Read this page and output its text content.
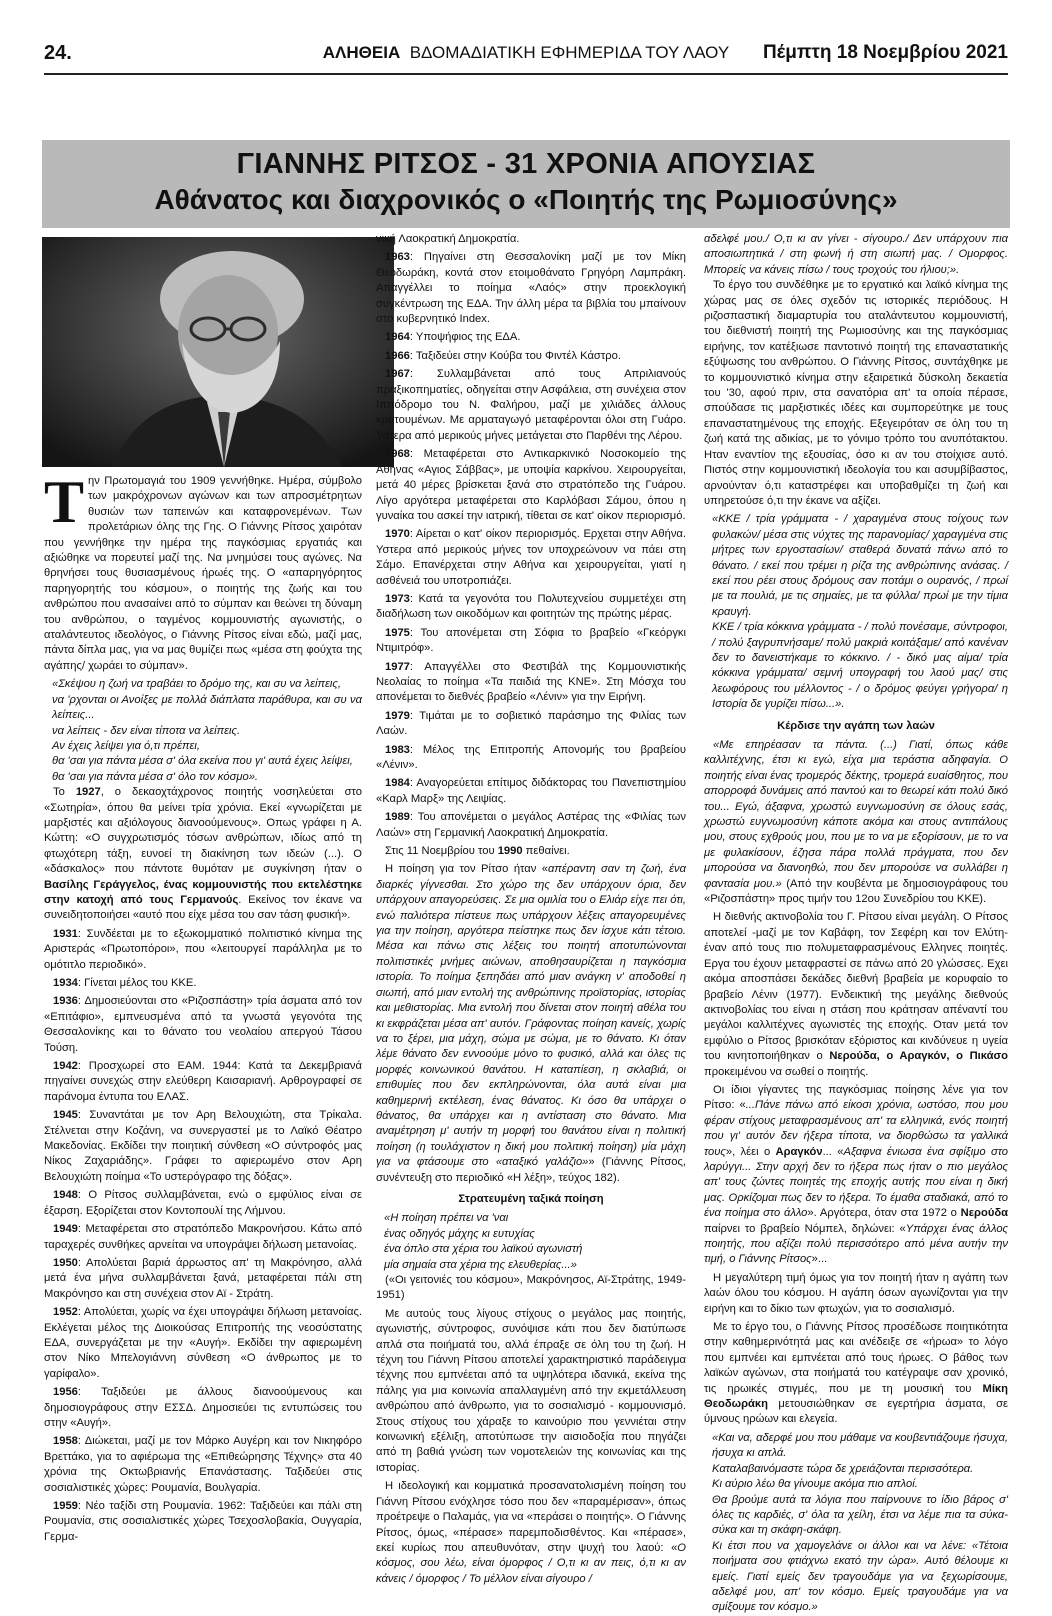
24.	ΑΛΗΘΕΙΑ ΒΔΟΜΑΔΙΑΤΙΚΗ ΕΦΗΜΕΡΙΔΑ ΤΟΥ ΛΑΟΥ	Πέμπτη 18 Νοεμβρίου 2021
ΓΙΑΝΝΗΣ ΡΙΤΣΟΣ - 31 ΧΡΟΝΙΑ ΑΠΟΥΣΙΑΣ
Αθάνατος και διαχρονικός ο «Ποιητής της Ρωμιοσύνης»

Την Πρωτομαγιά του 1909 γεννήθηκε. Ημέρα, σύμβολο των μακρόχρονων αγώνων και των απροσμέτρητων θυσιών των ταπεινών και καταφρονεμένων. Των προλετάριων όλης της Γης. Ο Γιάννης Ρίτσος χαιρόταν που γεννήθηκε την ημέρα της παγκόσμιας εργατιάς και αξιώθηκε να πορευτεί μαζί της. Να μνημύσει τους αγώνες. Να θρηνήσει τους θυσιασμένους ήρωές της. Ο «απαρηγόρητος παρηγορητής του κόσμου», ο ποιητής της ζωής και του ανθρώπου που ανασαίνει από το σύμπαν και θεώνει τη δύναμη του ανθρώπου, ο ταγμένος κομμουνιστής αγωνιστής, ο αταλάντευτος ιδεολόγος, ο Γιάννης Ρίτσος είναι εδώ, μαζί μας, πάντα δίπλα μας, για να μας θυμίζει πως «μέσα στη φούχτα της αγάπης/ χωράει το σύμπαν».

«Σκέψου η ζωή να τραβάει το δρόμο της, και συ να λείπεις,

να 'ρχονται οι Ανοίξες με πολλά διάπλατα παράθυρα, και συ να λείπεις...

να λείπεις - δεν είναι τίποτα να λείπεις.

Αν έχεις λείψει για ό,τι πρέπει,

θα 'σαι για πάντα μέσα σ' όλα εκείνα που γι' αυτά έχεις λείψει,

θα 'σαι για πάντα μέσα σ' όλο τον κόσμο».

Το 1927, ο δεκαοχτάχρονος ποιητής νοσηλεύεται στο «Σωτηρία», όπου θα μείνει τρία χρόνια. Εκεί «γνωρίζεται με μαρξιστές και αξιόλογους διανοούμενους». Οπως γράφει η Α. Κώττη: «Ο συγχρωτισμός τόσων ανθρώπων, ιδίως από τη φτωχότερη τάξη, ευνοεί τη διακίνηση των ιδεών (...). Ο «δάσκαλος» που πάντοτε θυμόταν με συγκίνηση ήταν ο Βασίλης Γεράγγελος, ένας κομμουνιστής που εκτελέστηκε στην κατοχή από τους Γερμανούς. Εκείνος τον έκανε να συνειδητοποιήσει «αυτό που είχε μέσα του σαν τάση φυσική».

1931: Συνδέεται με το εξωκομματικό πολιτιστικό κίνημα της Αριστεράς «Πρωτοπόροι», που «λειτουργεί παράλληλα με το ομότιτλο περιοδικό».

1934: Γίνεται μέλος του ΚΚΕ.

1936: Δημοσιεύονται στο «Ριζοσπάστη» τρία άσματα από τον «Επιτάφιο», εμπνευσμένα από τα γνωστά γεγονότα της Θεσσαλονίκης και το θάνατο του νεολαίου απεργού Τάσου Τούση.

1942: Προσχωρεί στο ΕΑΜ. 1944: Κατά τα Δεκεμβριανά πηγαίνει συνεχώς στην ελεύθερη Καισαριανή. Αρθρογραφεί σε παράνομα έντυπα του ΕΛΑΣ.

1945: Συναντάται με τον Αρη Βελουχιώτη, στα Τρίκαλα. Στέλνεται στην Κοζάνη, να συνεργαστεί με το Λαϊκό Θέατρο Μακεδονίας. Εκδίδει την ποιητική σύνθεση «Ο σύντροφός μας Νίκος Ζαχαριάδης». Γράφει το αφιερωμένο στον Αρη Βελουχιώτη ποίημα «Το υστερόγραφο της δόξας».

1948: Ο Ρίτσος συλλαμβάνεται, ενώ ο εμφύλιος είναι σε έξαρση. Εξορίζεται στον Κοντοπουλί της Λήμνου.

1949: Μεταφέρεται στο στρατόπεδο Μακρονήσου. Κάτω από ταραχερές συνθήκες αρνείται να υπογράψει δήλωση μετανοίας.

1950: Απολύεται βαριά άρρωστος απ' τη Μακρόνησο, αλλά μετά ένα μήνα συλλαμβάνεται ξανά, μεταφέρεται πάλι στη Μακρόνησο και στη συνέχεια στον Αϊ - Στράτη.

1952: Απολύεται, χωρίς να έχει υπογράψει δήλωση μετανοίας. Εκλέγεται μέλος της Διοικούσας Επιτροπής της νεοσύστατης ΕΔΑ, συνεργάζεται με την «Αυγή». Εκδίδει την αφιερωμένη στον Νίκο Μπελογιάννη σύνθεση «Ο άνθρωπος με το γαρίφαλο».

1956: Ταξιδεύει με άλλους διανοούμενους και δημοσιογράφους στην ΕΣΣΔ. Δημοσιεύει τις εντυπώσεις του στην «Αυγή».

1958: Διώκεται, μαζί με τον Μάρκο Αυγέρη και τον Νικηφόρο Βρεττάκο, για το αφιέρωμα της «Επιθεώρησης Τέχνης» στα 40 χρόνια της Οκτωβριανής Επανάστασης. Ταξιδεύει στις σοσιαλιστικές χώρες: Ρουμανία, Βουλγαρία.

1959: Νέο ταξίδι στη Ρουμανία. 1962: Ταξιδεύει και πάλι στη Ρουμανία, στις σοσιαλιστικές χώρες Τσεχοσλοβακία, Ουγγαρία, Γερμα-

νική Λαοκρατική Δημοκρατία.

1963: Πηγαίνει στη Θεσσαλονίκη μαζί με τον Μίκη Θεοδωράκη, κοντά στον ετοιμοθάνατο Γρηγόρη Λαμπράκη. Απαγγέλλει το ποίημα «Λαός» στην προεκλογική συγκέντρωση της ΕΔΑ. Την άλλη μέρα τα βιβλία του μπαίνουν στο κυβερνητικό Index.

1964: Υποψήφιος της ΕΔΑ.

1966: Ταξιδεύει στην Κούβα του Φιντέλ Κάστρο.

1967: Συλλαμβάνεται από τους Απριλιανούς πραξικοπηματίες, οδηγείται στην Ασφάλεια, στη συνέχεια στον Ιππόδρομο του Ν. Φαλήρου, μαζί με χιλιάδες άλλους κρατουμένων. Με αρματαγωγό μεταφέρονται όλοι στη Γυάρο. Υστερα από μερικούς μήνες μετάγεται στο Παρθένι της Λέρου.

1968: Μεταφέρεται στο Αντικαρκινικό Νοσοκομείο της Αθήνας «Αγιος Σάββας», με υποψία καρκίνου. Χειρουργείται, μετά 40 μέρες βρίσκεται ξανά στο στρατόπεδο της Γυάρου. Λίγο αργότερα μεταφέρεται στο Καρλόβασι Σάμου, όπου η γυναίκα του ασκεί την ιατρική, τίθεται σε κατ' οίκον περιορισμό.

1970: Αίρεται ο κατ' οίκον περιορισμός. Ερχεται στην Αθήνα. Υστερα από μερικούς μήνες τον υποχρεώνουν να πάει στη Σάμο. Επανέρχεται στην Αθήνα και χειρουργείται, γιατί η ασθένειά του υποτροπιάζει.

1973: Κατά τα γεγονότα του Πολυτεχνείου συμμετέχει στη διαδήλωση των οικοδόμων και φοιτητών της πρώτης μέρας.

1975: Του απονέμεται στη Σόφια το βραβείο «Γκεόργκι Ντιμιτρόφ».

1977: Απαγγέλλει στο Φεστιβάλ της Κομμουνιστικής Νεολαίας το ποίημα «Τα παιδιά της ΚΝΕ». Στη Μόσχα του απονέμεται το διεθνές βραβείο «Λένιν» για την Ειρήνη.

1979: Τιμάται με το σοβιετικό παράσημο της Φιλίας των Λαών.

1983: Μέλος της Επιτροπής Απονομής του βραβείου «Λένιν».

1984: Αναγορεύεται επίτιμος διδάκτορας του Πανεπιστημίου «Καρλ Μαρξ» της Λειψίας.

1989: Του απονέμεται ο μεγάλος Αστέρας της «Φιλίας των Λαών» στη Γερμανική Λαοκρατική Δημοκρατία.

Στις 11 Νοεμβρίου του 1990 πεθαίνει.

Η ποίηση για τον Ρίτσο ήταν «απέραντη σαν τη ζωή, ένα διαρκές γίγνεσθαι. Στο χώρο της δεν υπάρχουν όρια, δεν υπάρχουν απαγορεύσεις. Σε μια ομιλία του ο Ελιάρ είχε πει ότι, ενώ παλιότερα πίστευε πως υπάρχουν λέξεις απαγορευμένες για την ποίηση, αργότερα πείστηκε πως δεν ίσχυε κάτι τέτοιο. Μέσα και πάνω στις λέξεις του ποιητή αποτυπώνονται πολιτιστικές μνήμες αιώνων, αποθησαυρίζεται η παγκόσμια ιστορία. Το ποίημα ξεπηδάει από μιαν ανάγκη ν' αποδοθεί η σιωπή, από μιαν εντολή της ανθρώπινης προϊστορίας, ιστορίας και μεθιστορίας. Μια εντολή που δίνεται στον ποιητή αθέλα του κι εκφράζεται μέσα απ' αυτόν. Γράφοντας ποίηση κανείς, χωρίς να το ξέρει, μια μάχη, σώμα με σώμα, με το θάνατο. Κι όταν λέμε θάνατο δεν εννοούμε μόνο το φυσικό, αλλά και όλες τις μορφές κοινωνικού θανάτου. Η καταπίεση, η σκλαβιά, οι επιθυμίες που δεν εκπληρώνονται, όλα αυτά είναι μια καθημερινή εκτέλεση, ένας θάνατος. Κι όσο θα υπάρχει ο θάνατος, θα υπάρχει και η αντίσταση στο θάνατο. Μια αναμέτρηση μ' αυτήν τη μορφή του θανάτου είναι η πολιτική ποίηση (η τουλάχιστον η δική μου πολιτική ποίηση) μία μάχη για να φτάσουμε στο «αταξικό γαλάζιο»» (Γιάννης Ρίτσος, συνέντευξη στο περιοδικό «Η λέξη», τεύχος 182).

Στρατευμένη ταξικά ποίηση

«Η ποίηση πρέπει να 'ναι

ένας οδηγός μάχης κι ευτυχίας

ένα όπλο στα χέρια του λαϊκού αγωνιστή

μία σημαία στα χέρια της ελευθερίας...»

(«Οι γειτονιές του κόσμου», Μακρόνησος, Αϊ-Στράτης, 1949-1951)

Με αυτούς τους λίγους στίχους ο μεγάλος μας ποιητής, αγωνιστής, σύντροφος, συνόψισε κάτι που δεν διατύπωσε απλά στα ποιήματά του, αλλά έπραξε σε όλη του τη ζωή. Η τέχνη του Γιάννη Ρίτσου αποτελεί χαρακτηριστικό παράδειγμα τέχνης που εμπνέεται από τα υψηλότερα ιδανικά, εκείνα της πάλης για μια κοινωνία απαλλαγμένη από την εκμετάλλευση ανθρώπου από άνθρωπο, για το σοσιαλισμό - κομμουνισμό. Στους στίχους του χάραξε το καινούριο που γεννιέται στην κοινωνική εξέλιξη, αποτύπωσε την αισιοδοξία που πηγάζει από τη βαθιά γνώση των νομοτελειών της κοινωνίας και της ιστορίας.

Η ιδεολογική και κομματικά προσανατολισμένη ποίηση του Γιάννη Ρίτσου ενόχλησε τόσο που δεν «παραμέρισαν», όπως προέτρεψε ο Παλαμάς, για να «περάσει ο ποιητής». Ο Γιάννης Ρίτσος, όμως, «πέρασε» παρεμποδισθέντος. Και «πέρασε», εκεί κυρίως που απευθυνόταν, στην ψυχή του λαού: «Ο κόσμος, σου λέω, είναι όμορφος / Ο,τι κι αν πεις, ό,τι κι αν κάνεις / όμορφος / Το μέλλον είναι σίγουρο /

αδελφέ μου./ Ο,τι κι αν γίνει - σίγουρο./ Δεν υπάρχουν πια αποσιωπητικά / στη φωνή ή στη σιωπή μας. / Ομορφος. Μπορείς να κάνεις πίσω / τους τροχούς του ήλιου;».

Το έργο του συνδέθηκε με το εργατικό και λαϊκό κίνημα της χώρας μας σε όλες σχεδόν τις ιστορικές περιόδους. Η ριζοσπαστική διαμαρτυρία του αταλάντευτου κομμουνιστή, του διεθνιστή ποιητή της Ρωμιοσύνης και της παγκόσμιας ειρήνης, τον κατέξιωσε παντοτινό ποιητή της επαναστατικής εξύψωσης του ανθρώπου. Ο Γιάννης Ρίτσος, συντάχθηκε με το κομμουνιστικό κίνημα στην εξαιρετικά δύσκολη δεκαετία του '30, αφού πριν, στα σανατόρια απ' τα οποία πέρασε, σπούδασε τις μαρξιστικές ιδέες και συμπορεύτηκε με τους επαναστατημένους της εποχής. Εξεγειρόταν σε όλη του τη ζωή κατά της αδικίας, με το γόνιμο τρόπο του ανυπότακτου. Ηταν εναντίον της εξουσίας, όσο κι αν του στοίχισε αυτό. Πιστός στην κομμουνιστική ιδεολογία του και ασυμβίβαστος, αρνούνταν ό,τι καταστρέφει και υποβαθμίζει τη ζωή και υπηρετούσε ό,τι την έκανε να αξίζει.

«ΚΚΕ / τρία γράμματα - / χαραγμένα στους τοίχους των φυλακών/ μέσα στις νύχτες της παρανομίας/ χαραγμένα στις μήτρες των εργοστασίων/ σταθερά δυνατά πάνω από το θάνατο. / εκεί που τρέμει η ρίζα της ανθρώπινης ανάσας. / εκεί που ρέει στους δρόμους σαν ποτάμι ο ουρανός, / πρωί με τα πουλιά, με τις σημαίες, με τα φύλλα/ πρωί με την τίμια κραυγή.

ΚΚΕ / τρία κόκκινα γράμματα - / πολύ πονέσαμε, σύντροφοι, / πολύ ξαγρυπνήσαμε/ πολύ μακριά κοιτάξαμε/ από κανέναν δεν το δανειστήκαμε το κόκκινο. / - δικό μας αίμα/ τρία κόκκινα γράμματα/ σεμνή υπογραφή του λαού μας/ στις λεωφόρους του μέλλοντος - / ο δρόμος φεύγει γρήγορα/ η Ιστορία δε γυρίζει πίσω...».

Κέρδισε την αγάπη των λαών

«Με επηρέασαν τα πάντα. (...) Γιατί, όπως κάθε καλλιτέχνης, έτσι κι εγώ, είχα μια τεράστια αδηφαγία. Ο ποιητής είναι ένας τρομερός δέκτης, τρομερά ευαίσθητος, που απορροφά δυνάμεις από παντού και το θεωρεί κάτι πολύ δικό του... Εγώ, άξαφνα, χρωστώ ευγνωμοσύνη σε όλους εσάς, χρωστώ ευγνωμοσύνη κάποτε ακόμα και στους αντιπάλους μου, στους εχθρούς μου, που με το να με εξορίσουν, με το να με φυλακίσουν, έζησα πάρα πολλά πράγματα, που δεν μπορούσα να διανοηθώ, που δεν μπορούσε να συλλάβει η φαντασία μου.» (Από την κουβέντα με δημοσιογράφους του «Ριζοσπάστη» προς τιμήν του 12ου Συνεδρίου του ΚΚΕ).

Η διεθνής ακτινοβολία του Γ. Ρίτσου είναι μεγάλη. Ο Ρίτσος αποτελεί -μαζί με τον Καβάφη, τον Σεφέρη και τον Ελύτη- έναν από τους πιο πολυμεταφρασμένους Ελληνες ποιητές. Εργα του έχουν μεταφραστεί σε πάνω από 20 γλώσσες. Εχει ακόμα αποσπάσει δεκάδες διεθνή βραβεία με κορυφαίο το βραβείο Λένιν (1977). Ενδεικτική της μεγάλης διεθνούς ακτινοβολίας του είναι η στάση που κράτησαν απέναντί του μεγάλοι καλλιτέχνες αγωνιστές της εποχής. Οταν μετά τον εμφύλιο ο Ρίτσος βρισκόταν εξόριστος και κινδύνευε η υγεία του κινητοποιήθηκαν ο Νερούδα, ο Αραγκόν, ο Πικάσο προκειμένου να σωθεί ο ποιητής.

Οι ίδιοι γίγαντες της παγκόσμιας ποίησης λένε για τον Ρίτσο: «...Πάνε πάνω από είκοσι χρόνια, ωστόσο, που μου φέραν στίχους μεταφρασμένους απ' τα ελληνικά, ενός ποιητή που γι' αυτόν δεν ήξερα τίποτα, να διορθώσω τα γαλλικά τους», λέει ο Αραγκόν... «Αξαφνα ένιωσα ένα σφίξιμο στο λαρύγγι... Στην αρχή δεν το ήξερα πως ήταν ο πιο μεγάλος απ' τους ζώντες ποιητές της εποχής αυτής που είναι η δική μας. Ορκίζομαι πως δεν το ήξερα. Το έμαθα σταδιακά, από το ένα ποίημα στο άλλο». Αργότερα, όταν στα 1972 ο Νερούδα παίρνει το βραβείο Νόμπελ, δηλώνει: «Υπάρχει ένας άλλος ποιητής, που αξίζει πολύ περισσότερο από μένα αυτήν την τιμή, ο Γιάννης Ρίτσος»...

Η μεγαλύτερη τιμή όμως για τον ποιητή ήταν η αγάπη των λαών όλου του κόσμου. Η αγάπη όσων αγωνίζονται για την ειρήνη και το δίκιο των φτωχών, για το σοσιαλισμό.

Με το έργο του, ο Γιάννης Ρίτσος προσέδωσε ποιητικότητα στην καθημερινότητά μας και ανέδειξε σε «ήρωα» το λόγο που εμπνέει και εμπνέεται από τους ήρωες. Ο βάθος των λαϊκών αγώνων, στα ποιήματά του κατέγραψε σαν χρονικό, τις ηρωικές στιγμές, που με τη μουσική του Μίκη Θεοδωράκη μετουσιώθηκαν σε εγερτήρια άσματα, σε ύμνους ηρώων και ελεγεία.

«Και να, αδερφέ μου που μάθαμε να κουβεντιάζουμε ήσυχα, ήσυχα κι απλά.

Καταλαβαινόμαστε τώρα δε χρειάζονται περισσότερα.

Κι αύριο λέω θα γίνουμε ακόμα πιο απλοί.

Θα βρούμε αυτά τα λόγια που παίρνουνε το ίδιο βάρος σ' όλες τις καρδιές, σ' όλα τα χείλη, έτσι να λέμε πια τα σύκα-σύκα και τη σκάφη-σκάφη.

Κι έτσι που να χαμογελάνε οι άλλοι και να λένε: «Τέτοια ποιήματα σου φτιάχνω εκατό την ώρα». Αυτό θέλουμε κι εμείς. Γιατί εμείς δεν τραγουδάμε για να ξεχωρίσουμε, αδελφέ μου, απ' τον κόσμο. Εμείς τραγουδάμε για να σμίξουμε τον κόσμο.»
